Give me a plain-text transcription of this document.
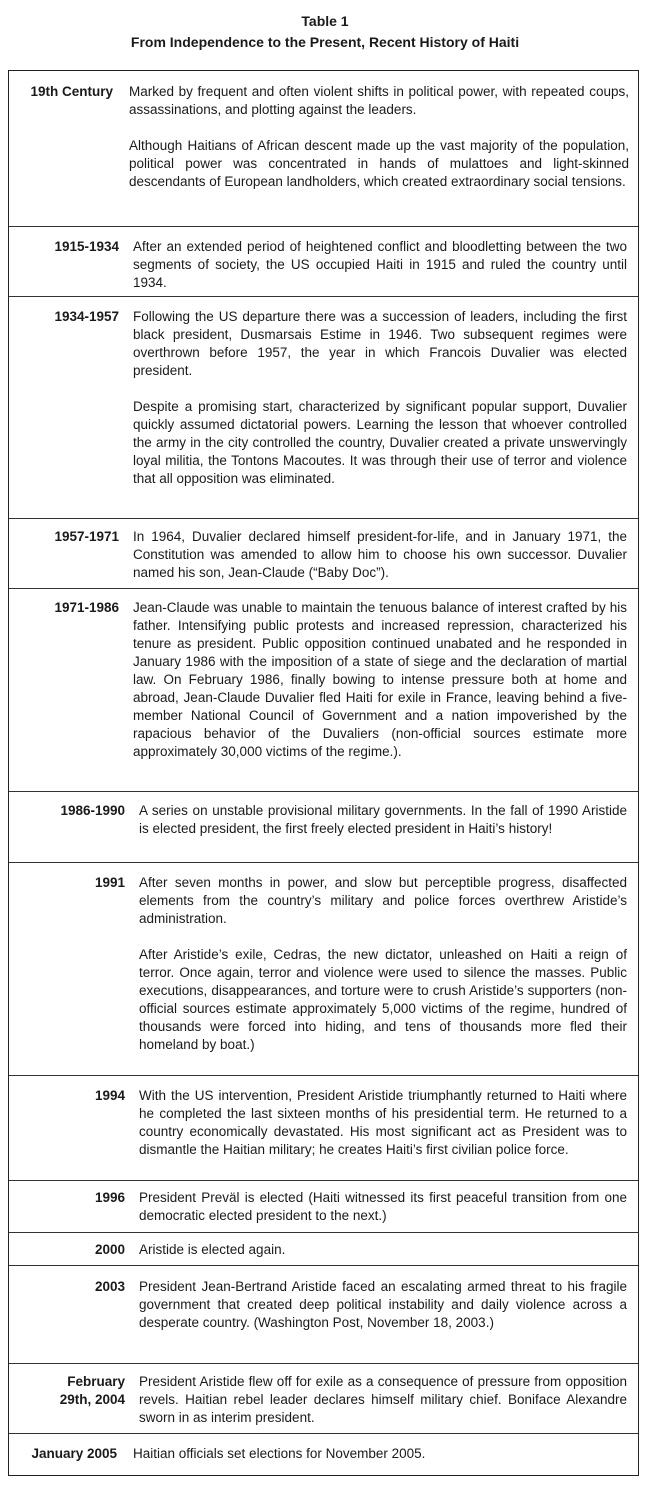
Table 1
From Independence to the Present, Recent History of Haiti
19th Century Marked by frequent and often violent shifts in political power, with repeated coups, assassinations, and plotting against the leaders.

Although Haitians of African descent made up the vast majority of the population, political power was concentrated in hands of mulattoes and light-skinned descendants of European landholders, which created extraordinary social tensions.

1915-1934 After an extended period of heightened conflict and bloodletting between the two segments of society, the US occupied Haiti in 1915 and ruled the country until 1934.

1934-1957 Following the US departure there was a succession of leaders, including the first black president, Dusmarsais Estime in 1946. Two subsequent regimes were overthrown before 1957, the year in which Francois Duvalier was elected president.

Despite a promising start, characterized by significant popular support, Duvalier quickly assumed dictatorial powers. Learning the lesson that whoever controlled the army in the city controlled the country, Duvalier created a private unswervingly loyal militia, the Tontons Macoutes. It was through their use of terror and violence that all opposition was eliminated.

1957-1971 In 1964, Duvalier declared himself president-for-life, and in January 1971, the Constitution was amended to allow him to choose his own successor. Duvalier named his son, Jean-Claude (“Baby Doc”).

1971-1986 Jean-Claude was unable to maintain the tenuous balance of interest crafted by his father. Intensifying public protests and increased repression, characterized his tenure as president. Public opposition continued unabated and he responded in January 1986 with the imposition of a state of siege and the declaration of martial law. On February 1986, finally bowing to intense pressure both at home and abroad, Jean-Claude Duvalier fled Haiti for exile in France, leaving behind a five-member National Council of Government and a nation impoverished by the rapacious behavior of the Duvaliers (non-official sources estimate more approximately 30,000 victims of the regime.).

1986-1990 A series on unstable provisional military governments. In the fall of 1990 Aristide is elected president, the first freely elected president in Haiti’s history!

1991 After seven months in power, and slow but perceptible progress, disaffected elements from the country’s military and police forces overthrew Aristide’s administration.

After Aristide’s exile, Cedras, the new dictator, unleashed on Haiti a reign of terror. Once again, terror and violence were used to silence the masses. Public executions, disappearances, and torture were to crush Aristide’s supporters (non-official sources estimate approximately 5,000 victims of the regime, hundred of thousands were forced into hiding, and tens of thousands more fled their homeland by boat.)

1994 With the US intervention, President Aristide triumphantly returned to Haiti where he completed the last sixteen months of his presidential term. He returned to a country economically devastated. His most significant act as President was to dismantle the Haitian military; he creates Haiti’s first civilian police force.

1996 President Preväl is elected (Haiti witnessed its first peaceful transition from one democratic elected president to the next.)

2000 Aristide is elected again.

2003 President Jean-Bertrand Aristide faced an escalating armed threat to his fragile government that created deep political instability and daily violence across a desperate country. (Washington Post, November 18, 2003.)

February
29th, 2004

President Aristide flew off for exile as a consequence of pressure from opposition revels. Haitian rebel leader declares himself military chief. Boniface Alexandre sworn in as interim president.

January 2005 Haitian officials set elections for November 2005.
